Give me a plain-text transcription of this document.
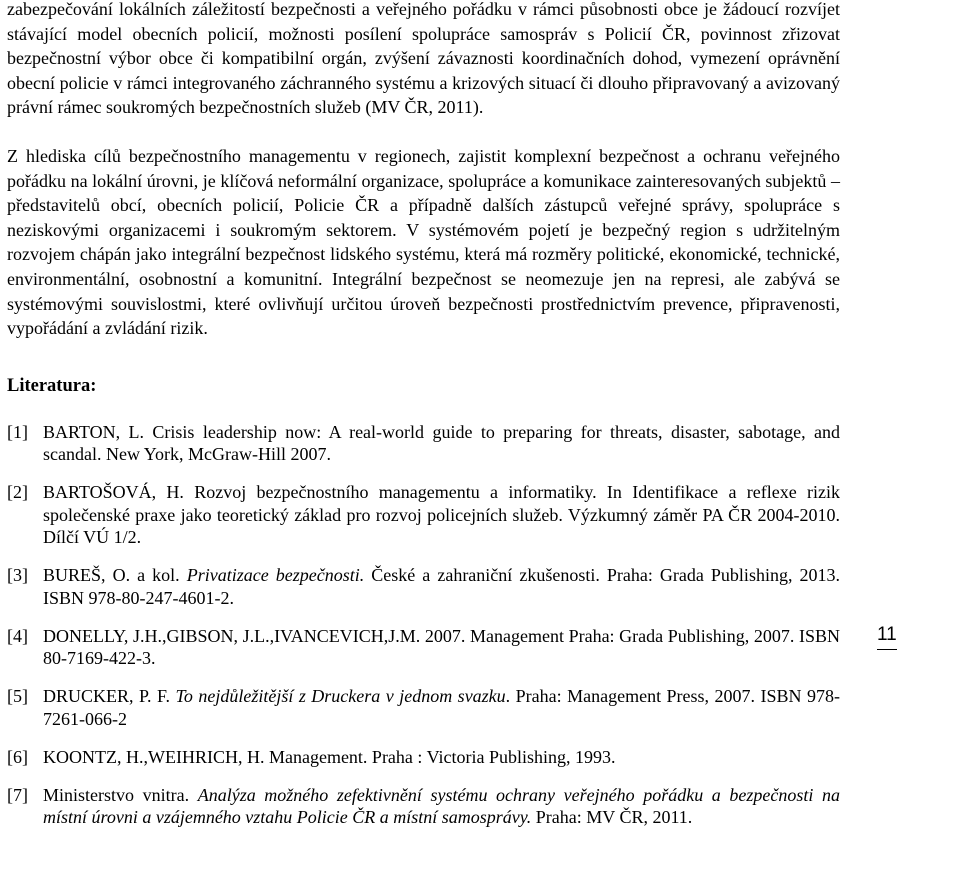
zabezpečování lokálních záležitostí bezpečnosti a veřejného pořádku v rámci působnosti obce je žádoucí rozvíjet stávající model obecních policií, možnosti posílení spolupráce samospráv s Policií ČR, povinnost zřizovat bezpečnostní výbor obce či kompatibilní orgán, zvýšení závaznosti koordinačních dohod, vymezení oprávnění obecní policie v rámci integrovaného záchranného systému a krizových situací či dlouho připravovaný a avizovaný právní rámec soukromých bezpečnostních služeb (MV ČR, 2011).

Z hlediska cílů bezpečnostního managementu v regionech, zajistit komplexní bezpečnost a ochranu veřejného pořádku na lokální úrovni, je klíčová neformální organizace, spolupráce a komunikace zainteresovaných subjektů – představitelů obcí, obecních policií, Policie ČR a případně dalších zástupců veřejné správy, spolupráce s neziskovými organizacemi i soukromým sektorem. V systémovém pojetí je bezpečný region s udržitelným rozvojem chápán jako integrální bezpečnost lidského systému, která má rozměry politické, ekonomické, technické, environmentální, osobnostní a komunitní. Integrální bezpečnost se neomezuje jen na represi, ale zabývá se systémovými souvislostmi, které ovlivňují určitou úroveň bezpečnosti prostřednictvím prevence, připravenosti, vypořádání a zvládání rizik.

Literatura:
[1] BARTON, L. Crisis leadership now: A real-world guide to preparing for threats, disaster, sabotage, and scandal. New York, McGraw-Hill 2007.
[2] BARTOŠOVÁ, H. Rozvoj bezpečnostního managementu a informatiky. In Identifikace a reflexe rizik společenské praxe jako teoretický základ pro rozvoj policejních služeb. Výzkumný záměr PA ČR 2004-2010. Dílčí VÚ 1/2.
[3] BUREŠ, O. a kol. Privatizace bezpečnosti. České a zahraniční zkušenosti. Praha: Grada Publishing, 2013. ISBN 978-80-247-4601-2.
[4] DONELLY, J.H.,GIBSON, J.L.,IVANCEVICH,J.M. 2007. Management Praha: Grada Publishing, 2007. ISBN 80-7169-422-3.
[5] DRUCKER, P. F. To nejdůležitější z Druckera v jednom svazku. Praha: Management Press, 2007. ISBN 978-7261-066-2
[6] KOONTZ, H.,WEIHRICH, H. Management. Praha : Victoria Publishing, 1993.
[7] Ministerstvo vnitra. Analýza možného zefektivnění systému ochrany veřejného pořádku a bezpečnosti na místní úrovni a vzájemného vztahu Policie ČR a místní samosprávy. Praha: MV ČR, 2011.
11
